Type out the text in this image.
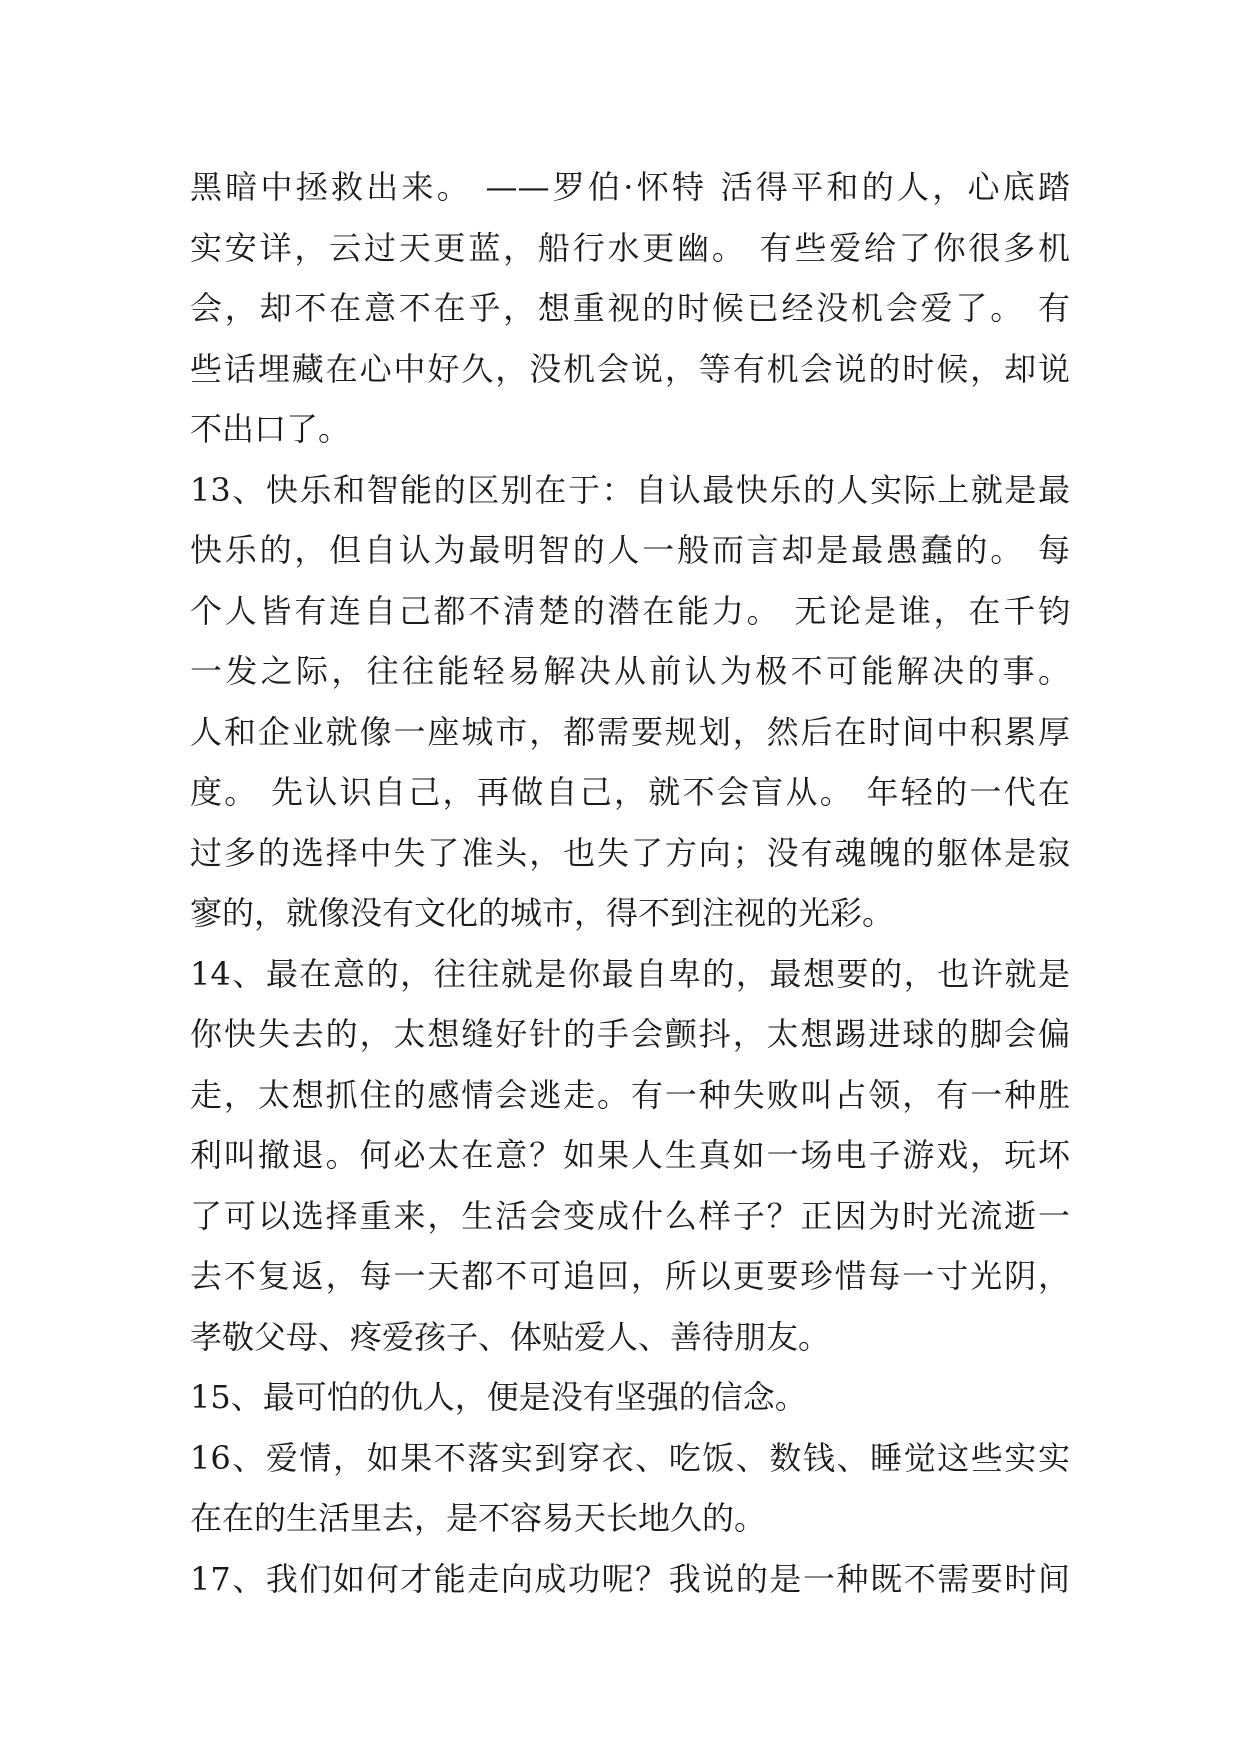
黑暗中拯救出来。 ——罗伯·怀特 活得平和的人，心底踏
实安详，云过天更蓝，船行水更幽。 有些爱给了你很多机
会，却不在意不在乎，想重视的时候已经没机会爱了。 有
些话埋藏在心中好久，没机会说，等有机会说的时候，却说
不出口了。
13、快乐和智能的区别在于：自认最快乐的人实际上就是最
快乐的，但自认为最明智的人一般而言却是最愚蠢的。 每
个人皆有连自己都不清楚的潜在能力。 无论是谁，在千钧
一发之际，往往能轻易解决从前认为极不可能解决的事。
人和企业就像一座城市，都需要规划，然后在时间中积累厚
度。 先认识自己，再做自己，就不会盲从。 年轻的一代在
过多的选择中失了准头，也失了方向；没有魂魄的躯体是寂
寥的，就像没有文化的城市，得不到注视的光彩。
14、最在意的，往往就是你最自卑的，最想要的，也许就是
你快失去的，太想缝好针的手会颤抖，太想踢进球的脚会偏
走，太想抓住的感情会逃走。有一种失败叫占领，有一种胜
利叫撤退。何必太在意？如果人生真如一场电子游戏，玩坏
了可以选择重来，生活会变成什么样子？正因为时光流逝一
去不复返，每一天都不可追回，所以更要珍惜每一寸光阴，
孝敬父母、疼爱孩子、体贴爱人、善待朋友。
15、最可怕的仇人，便是没有坚强的信念。
16、爱情，如果不落实到穿衣、吃饭、数钱、睡觉这些实实
在在的生活里去，是不容易天长地久的。
17、我们如何才能走向成功呢？我说的是一种既不需要时间
